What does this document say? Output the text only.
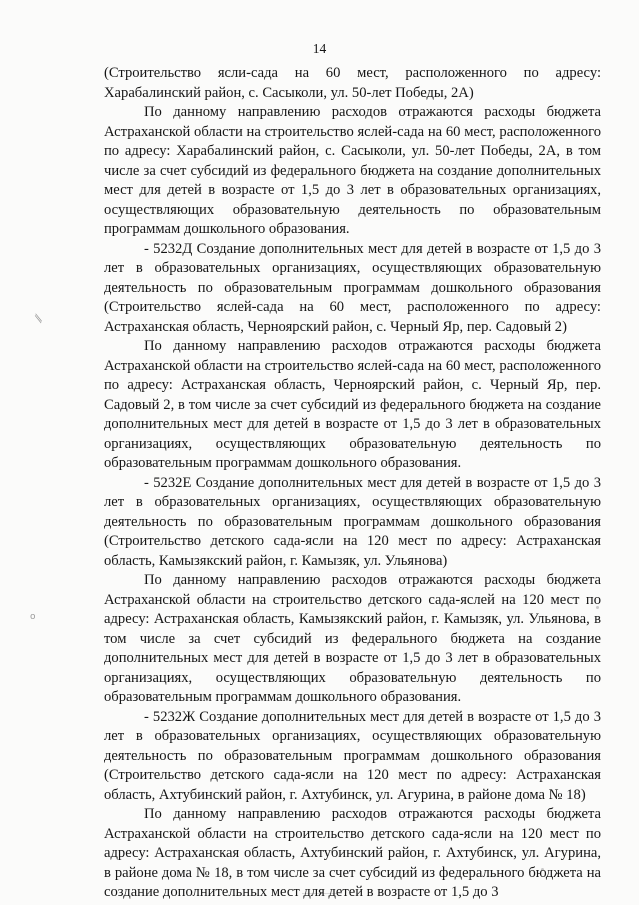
14
⁄⁄
o

(Строительство ясли-сада на 60 мест, расположенного по адресу: Харабалинский район, с. Сасыколи, ул. 50-лет Победы, 2А)

По данному направлению расходов отражаются расходы бюджета Астраханской области на строительство яслей-сада на 60 мест, расположенного по адресу: Харабалинский район, с. Сасыколи, ул. 50-лет Победы, 2А, в том числе за счет субсидий из федерального бюджета на создание дополнительных мест для детей в возрасте от 1,5 до 3 лет в образовательных организациях, осуществляющих образовательную деятельность по образовательным программам дошкольного образования.

- 5232Д Создание дополнительных мест для детей в возрасте от 1,5 до 3 лет в образовательных организациях, осуществляющих образовательную деятельность по образовательным программам дошкольного образования (Строительство яслей-сада на 60 мест, расположенного по адресу: Астраханская область, Черноярский район, с. Черный Яр, пер. Садовый 2)

По данному направлению расходов отражаются расходы бюджета Астраханской области на строительство яслей-сада на 60 мест, расположенного по адресу: Астраханская область, Черноярский район, с. Черный Яр, пер. Садовый 2, в том числе за счет субсидий из федерального бюджета на создание дополнительных мест для детей в возрасте от 1,5 до 3 лет в образовательных организациях, осуществляющих образовательную деятельность по образовательным программам дошкольного образования.

- 5232Е Создание дополнительных мест для детей в возрасте от 1,5 до 3 лет в образовательных организациях, осуществляющих образовательную деятельность по образовательным программам дошкольного образования (Строительство детского сада-ясли на 120 мест по адресу: Астраханская область, Камызякский район, г. Камызяк, ул. Ульянова)

По данному направлению расходов отражаются расходы бюджета Астраханской области на строительство детского сада-яслей на 120 мест по адресу: Астраханская область, Камызякский район, г. Камызяк, ул. Ульянова, в том числе за счет субсидий из федерального бюджета на создание дополнительных мест для детей в возрасте от 1,5 до 3 лет в образовательных организациях, осуществляющих образовательную деятельность по образовательным программам дошкольного образования.

- 5232Ж Создание дополнительных мест для детей в возрасте от 1,5 до 3 лет в образовательных организациях, осуществляющих образовательную деятельность по образовательным программам дошкольного образования (Строительство детского сада-ясли на 120 мест по адресу: Астраханская область, Ахтубинский район, г. Ахтубинск, ул. Агурина, в районе дома № 18)

По данному направлению расходов отражаются расходы бюджета Астраханской области на строительство детского сада-ясли на 120 мест по адресу: Астраханская область, Ахтубинский район, г. Ахтубинск, ул. Агурина, в районе дома № 18, в том числе за счет субсидий из федерального бюджета на создание дополнительных мест для детей в возрасте от 1,5 до 3
